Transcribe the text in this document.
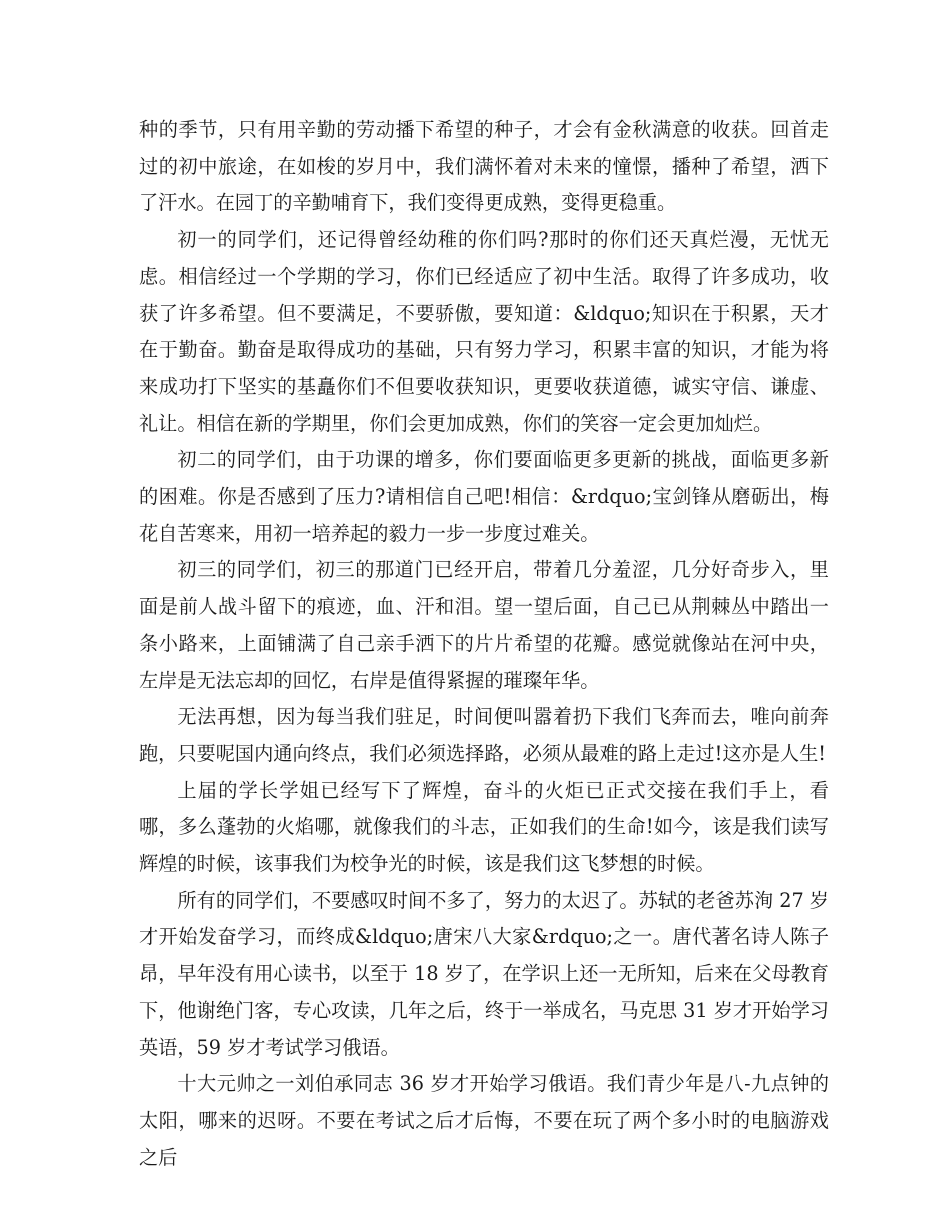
种的季节，只有用辛勤的劳动播下希望的种子，才会有金秋满意的收获。回首走过的初中旅途，在如梭的岁月中，我们满怀着对未来的憧憬，播种了希望，洒下了汗水。在园丁的辛勤哺育下，我们变得更成熟，变得更稳重。

初一的同学们，还记得曾经幼稚的你们吗?那时的你们还天真烂漫，无忧无虑。相信经过一个学期的学习，你们已经适应了初中生活。取得了许多成功，收获了许多希望。但不要满足，不要骄傲，要知道：&ldquo;知识在于积累，天才在于勤奋。勤奋是取得成功的基础，只有努力学习，积累丰富的知识，才能为将来成功打下坚实的基矗你们不但要收获知识，更要收获道德，诚实守信、谦虚、礼让。相信在新的学期里，你们会更加成熟，你们的笑容一定会更加灿烂。

初二的同学们，由于功课的增多，你们要面临更多更新的挑战，面临更多新的困难。你是否感到了压力?请相信自己吧!相信：&rdquo;宝剑锋从磨砺出，梅花自苦寒来，用初一培养起的毅力一步一步度过难关。

初三的同学们，初三的那道门已经开启，带着几分羞涩，几分好奇步入，里面是前人战斗留下的痕迹，血、汗和泪。望一望后面，自己已从荆棘丛中踏出一条小路来，上面铺满了自己亲手洒下的片片希望的花瓣。感觉就像站在河中央，左岸是无法忘却的回忆，右岸是值得紧握的璀璨年华。

无法再想，因为每当我们驻足，时间便叫嚣着扔下我们飞奔而去，唯向前奔跑，只要呢国内通向终点，我们必须选择路，必须从最难的路上走过!这亦是人生!

上届的学长学姐已经写下了辉煌，奋斗的火炬已正式交接在我们手上，看哪，多么蓬勃的火焰哪，就像我们的斗志，正如我们的生命!如今，该是我们读写辉煌的时候，该事我们为校争光的时候，该是我们这飞梦想的时候。

所有的同学们，不要感叹时间不多了，努力的太迟了。苏轼的老爸苏洵 27 岁才开始发奋学习，而终成&ldquo;唐宋八大家&rdquo;之一。唐代著名诗人陈子昂，早年没有用心读书，以至于 18 岁了，在学识上还一无所知，后来在父母教育下，他谢绝门客，专心攻读，几年之后，终于一举成名，马克思 31 岁才开始学习英语，59 岁才考试学习俄语。

十大元帅之一刘伯承同志 36 岁才开始学习俄语。我们青少年是八-九点钟的太阳，哪来的迟呀。不要在考试之后才后悔，不要在玩了两个多小时的电脑游戏之后
